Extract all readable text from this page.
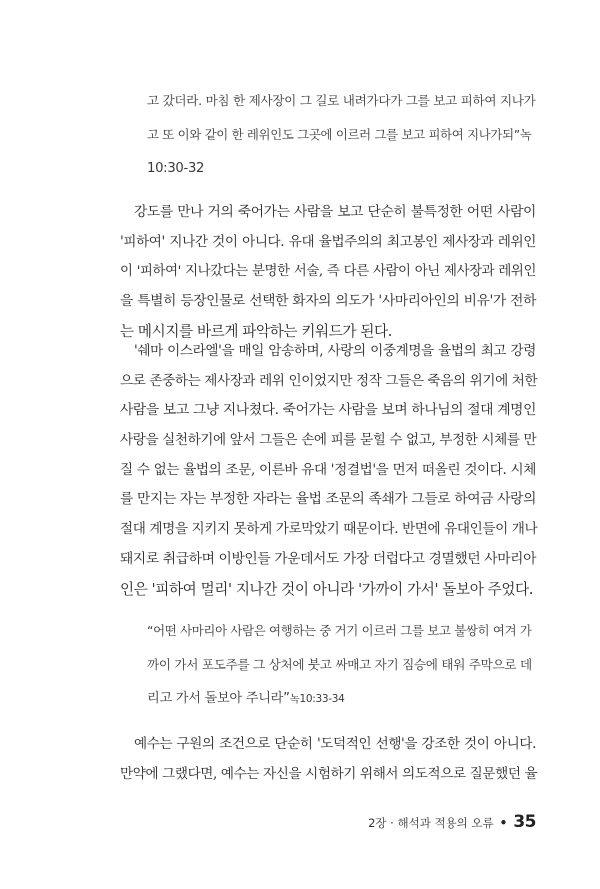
고 갔더라. 마침 한 제사장이 그 길로 내려가다가 그를 보고 피하여 지나가
고 또 이와 같이 한 레위인도 그곳에 이르러 그를 보고 피하여 지나가되”녹
10:30-32
강도를 만나 거의 죽어가는 사람을 보고 단순히 불특정한 어떤 사람이
'피하여' 지나간 것이 아니다. 유대 율법주의의 최고봉인 제사장과 레위인
이 '피하여' 지나갔다는 분명한 서술, 즉 다른 사람이 아닌 제사장과 레위인
을 특별히 등장인물로 선택한 화자의 의도가 '사마리아인의 비유'가 전하
는 메시지를 바르게 파악하는 키워드가 된다.
'쉐마 이스라엘'을 매일 암송하며, 사랑의 이중계명을 율법의 최고 강령
으로 존중하는 제사장과 레위 인이었지만 정작 그들은 죽음의 위기에 처한
사람을 보고 그냥 지나쳤다. 죽어가는 사람을 보며 하나님의 절대 계명인
사랑을 실천하기에 앞서 그들은 손에 피를 묻힐 수 없고, 부정한 시체를 만
질 수 없는 율법의 조문, 이른바 유대 '정결법'을 먼저 떠올린 것이다. 시체
를 만지는 자는 부정한 자라는 율법 조문의 족쇄가 그들로 하여금 사랑의
절대 계명을 지키지 못하게 가로막았기 때문이다. 반면에 유대인들이 개나
돼지로 취급하며 이방인들 가운데서도 가장 더럽다고 경멸했던 사마리아
인은 '피하여 멀리' 지나간 것이 아니라 '가까이 가서' 돌보아 주었다.
“어떤 사마리아 사람은 여행하는 중 거기 이르러 그를 보고 불쌍히 여겨 가
까이 가서 포도주를 그 상처에 붓고 싸매고 자기 짐승에 태워 주막으로 데
리고 가서 돌보아 주니라”녹10:33-34
예수는 구원의 조건으로 단순히 '도덕적인 선행'을 강조한 것이 아니다.
만약에 그랬다면, 예수는 자신을 시험하기 위해서 의도적으로 질문했던 율
2장 · 해석과 적용의 오류 • 35
